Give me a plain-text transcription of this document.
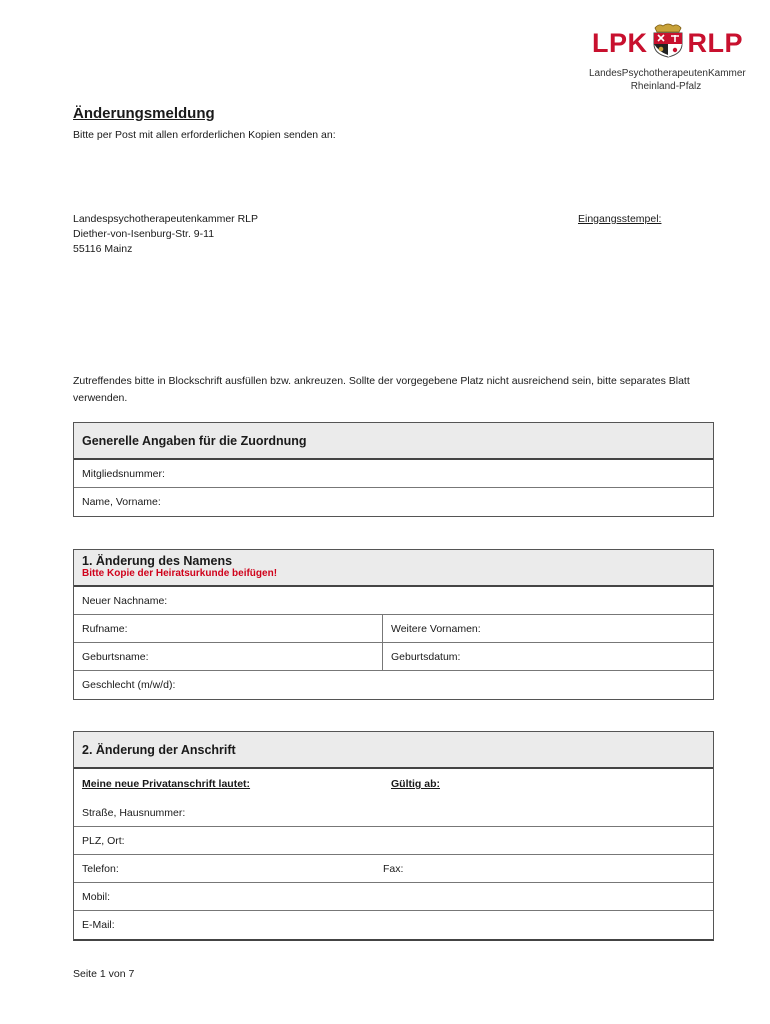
LPK RLP
LandesPsychotherapeutenKammer
Rheinland-Pfalz
Änderungsmeldung
Bitte per Post mit allen erforderlichen Kopien senden an:
Landespsychotherapeutenkammer RLP
Diether-von-Isenburg-Str. 9-11
55116 Mainz
Eingangsstempel:
Zutreffendes bitte in Blockschrift ausfüllen bzw. ankreuzen. Sollte der vorgegebene Platz nicht ausreichend sein, bitte separates Blatt verwenden.
Generelle Angaben für die Zuordnung
Mitgliedsnummer:
Name, Vorname:
1. Änderung des Namens
Bitte Kopie der Heiratsurkunde beifügen!
Neuer Nachname:
Rufname:	Weitere Vornamen:
Geburtsname:	Geburtsdatum:
Geschlecht (m/w/d):
2. Änderung der Anschrift
Meine neue Privatanschrift lautet:	Gültig ab:
Straße, Hausnummer:
PLZ, Ort:
Telefon:	Fax:
Mobil:
E-Mail:
Seite 1 von 7
